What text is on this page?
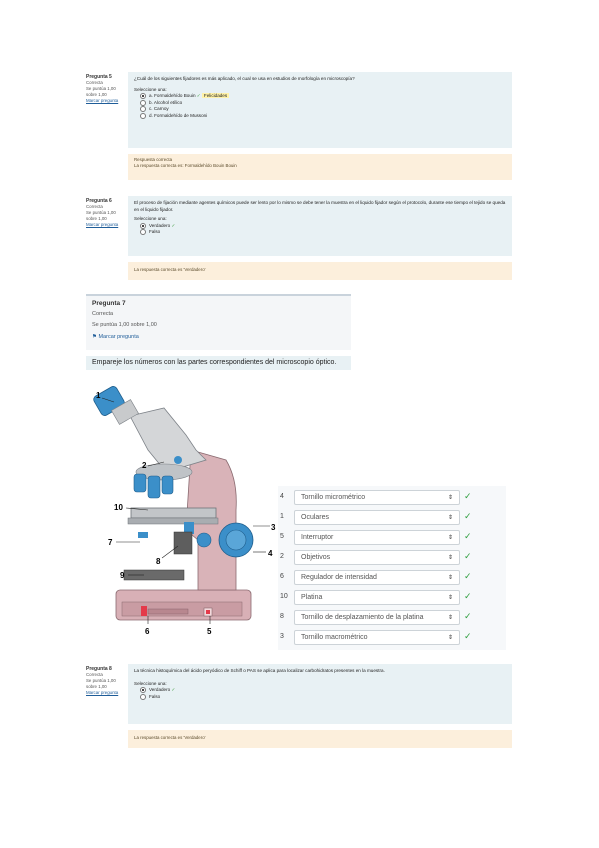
Pregunta 5
Correcta
Se puntúa 1,00 sobre 1,00
Marcar pregunta
¿Cuál de los siguientes fijadores es más aplicado, el cual se usa en estudios de morfología en microscopía?
Seleccione una:
a. Formaldehído Bouin ✓ Felicidades
b. Alcohol etílico
c. Carnoy
d. Formaldehído de Mussoni
Respuesta correcta
La respuesta correcta es: Formaldehído Bouin Bouin
Pregunta 6
Correcta
Se puntúa 1,00 sobre 1,00
Marcar pregunta
El proceso de fijación mediante agentes químicos puede ser lento por lo mismo se debe tener la muestra en el liquido fijador según el protocolo, durante ese tiempo el tejido se queda en el liquido fijador.
Seleccione una:
Verdadero ✓
Falso
La respuesta correcta es 'Verdadero'
Pregunta 7
Correcta
Se puntúa 1,00 sobre 1,00
⚑ Marcar pregunta
Empareje los números con las partes correspondientes del microscopio óptico.
1
2
3
4
5
6
7
8
9
10
4	Tornillo micrométrico	⇕ ✓
1	Oculares	⇕ ✓
5	Interruptor	⇕ ✓
2	Objetivos	⇕ ✓
6	Regulador de intensidad	⇕ ✓
10	Platina	⇕ ✓
8	Tornillo de desplazamiento de la platina	⇕ ✓
3	Tornillo macrométrico	⇕ ✓
Pregunta 8
Correcta
Se puntúa 1,00 sobre 1,00
Marcar pregunta
La técnica histoquímica del ácido peryódico de Schiff o PAS se aplica para localizar carbohidratos presentes en la muestra.
Seleccione una:
Verdadero ✓
Falso
La respuesta correcta es 'Verdadero'
